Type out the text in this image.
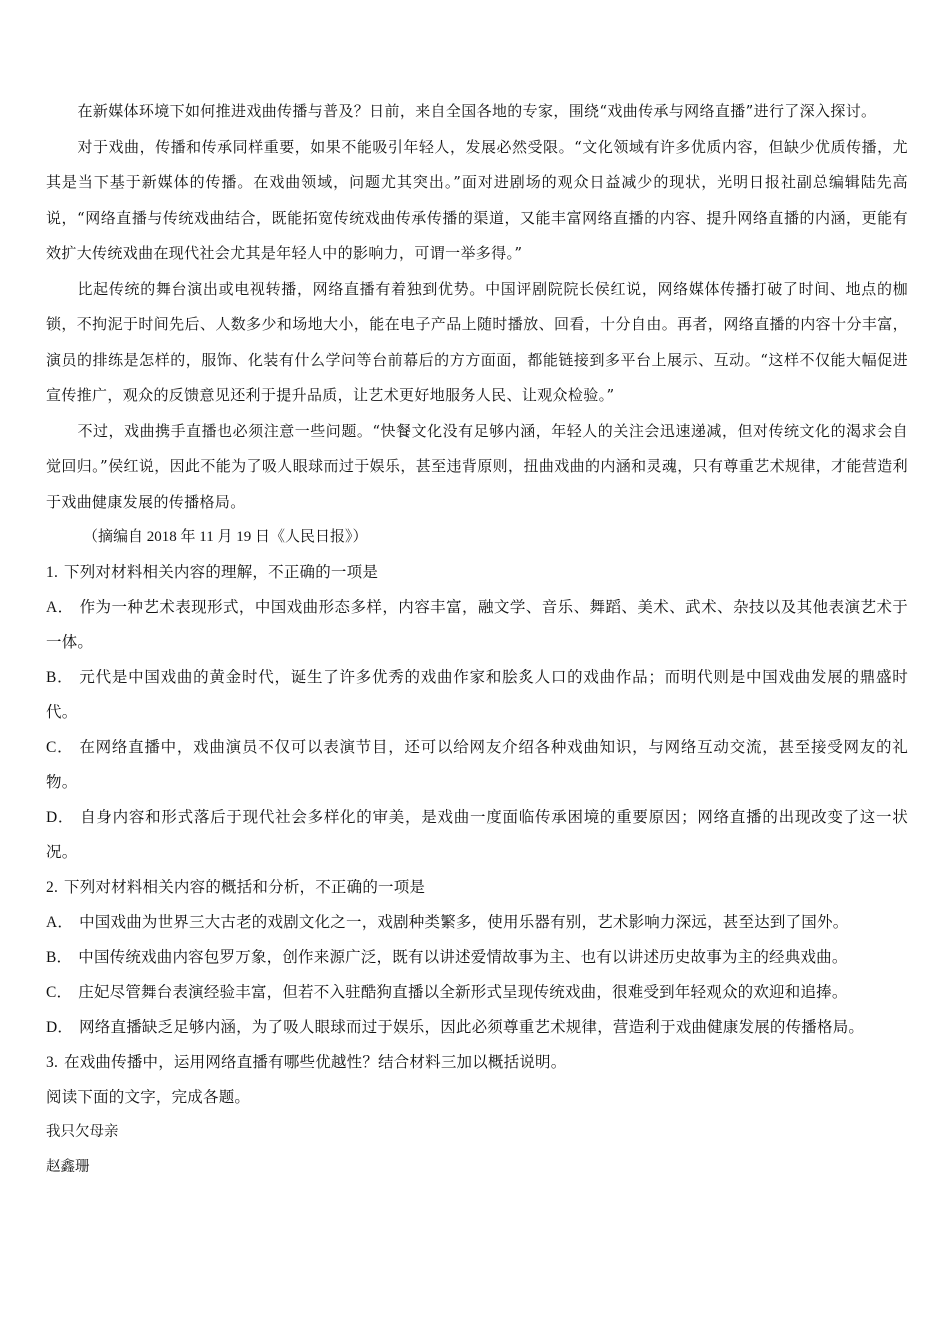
在新媒体环境下如何推进戏曲传播与普及？日前，来自全国各地的专家，围绕“戏曲传承与网络直播”进行了深入探讨。

对于戏曲，传播和传承同样重要，如果不能吸引年轻人，发展必然受限。“文化领域有许多优质内容，但缺少优质传播，尤其是当下基于新媒体的传播。在戏曲领域，问题尤其突出。”面对进剧场的观众日益减少的现状，光明日报社副总编辑陆先高说，“网络直播与传统戏曲结合，既能拓宽传统戏曲传承传播的渠道，又能丰富网络直播的内容、提升网络直播的内涵，更能有效扩大传统戏曲在现代社会尤其是年轻人中的影响力，可谓一举多得。”

比起传统的舞台演出或电视转播，网络直播有着独到优势。中国评剧院院长侯红说，网络媒体传播打破了时间、地点的枷锁，不拘泥于时间先后、人数多少和场地大小，能在电子产品上随时播放、回看，十分自由。再者，网络直播的内容十分丰富，演员的排练是怎样的，服饰、化装有什么学问等台前幕后的方方面面，都能链接到多平台上展示、互动。“这样不仅能大幅促进宣传推广，观众的反馈意见还利于提升品质，让艺术更好地服务人民、让观众检验。”

不过，戏曲携手直播也必须注意一些问题。“快餐文化没有足够内涵，年轻人的关注会迅速递减，但对传统文化的渴求会自觉回归。”侯红说，因此不能为了吸人眼球而过于娱乐，甚至违背原则，扭曲戏曲的内涵和灵魂，只有尊重艺术规律，才能营造利于戏曲健康发展的传播格局。

（摘编自 2018 年 11 月 19 日《人民日报》）

1. 下列对材料相关内容的理解，不正确的一项是

A． 作为一种艺术表现形式，中国戏曲形态多样，内容丰富，融文学、音乐、舞蹈、美术、武术、杂技以及其他表演艺术于一体。

B． 元代是中国戏曲的黄金时代，诞生了许多优秀的戏曲作家和脍炙人口的戏曲作品；而明代则是中国戏曲发展的鼎盛时代。

C． 在网络直播中，戏曲演员不仅可以表演节目，还可以给网友介绍各种戏曲知识，与网络互动交流，甚至接受网友的礼物。

D． 自身内容和形式落后于现代社会多样化的审美，是戏曲一度面临传承困境的重要原因；网络直播的出现改变了这一状况。

2. 下列对材料相关内容的概括和分析，不正确的一项是

A． 中国戏曲为世界三大古老的戏剧文化之一，戏剧种类繁多，使用乐器有别，艺术影响力深远，甚至达到了国外。

B． 中国传统戏曲内容包罗万象，创作来源广泛，既有以讲述爱情故事为主、也有以讲述历史故事为主的经典戏曲。

C． 庄妃尽管舞台表演经验丰富，但若不入驻酷狗直播以全新形式呈现传统戏曲，很难受到年轻观众的欢迎和追捧。

D． 网络直播缺乏足够内涵，为了吸人眼球而过于娱乐，因此必须尊重艺术规律，营造利于戏曲健康发展的传播格局。

3. 在戏曲传播中，运用网络直播有哪些优越性？结合材料三加以概括说明。

阅读下面的文字，完成各题。

我只欠母亲

赵鑫珊
